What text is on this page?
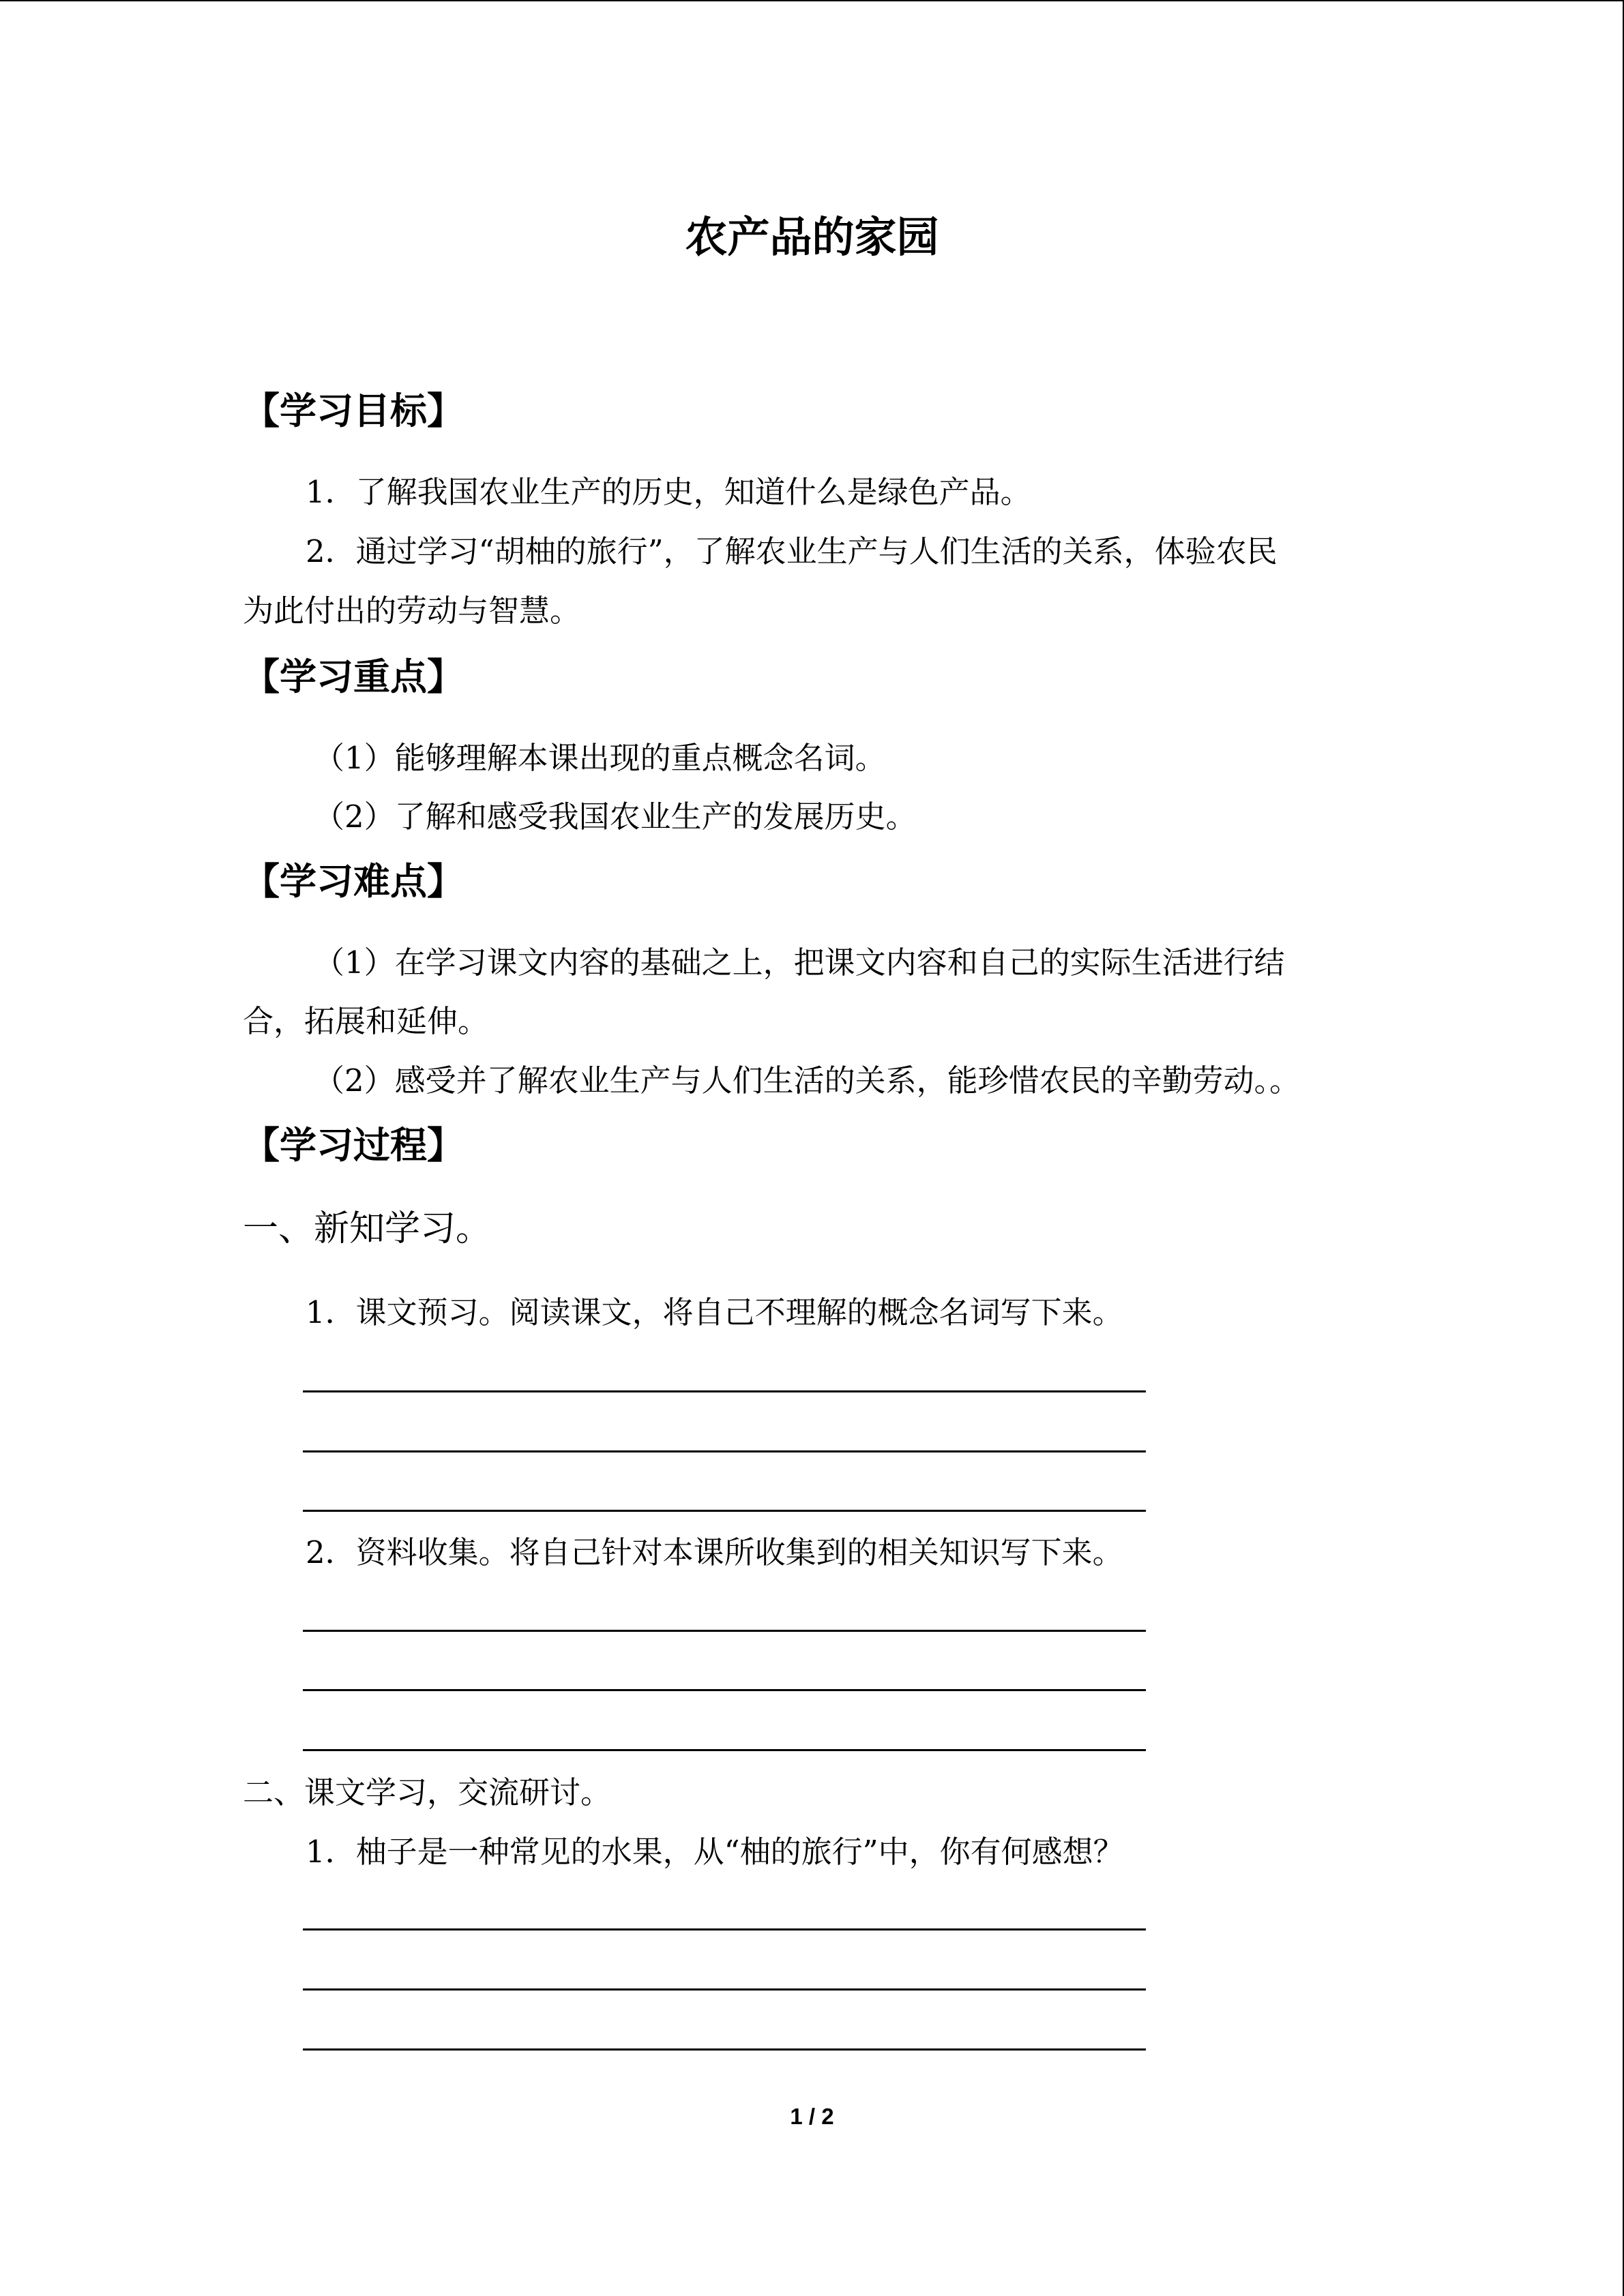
农产品的家园
【学习目标】

1．了解我国农业生产的历史，知道什么是绿色产品。

2．通过学习“胡柚的旅行”，了解农业生产与人们生活的关系，体验农民

为此付出的劳动与智慧。

【学习重点】

（1）能够理解本课出现的重点概念名词。

（2）了解和感受我国农业生产的发展历史。

【学习难点】

（1）在学习课文内容的基础之上，把课文内容和自己的实际生活进行结

合，拓展和延伸。

（2）感受并了解农业生产与人们生活的关系，能珍惜农民的辛勤劳动。。

【学习过程】

一、新知学习。

1．课文预习。阅读课文，将自己不理解的概念名词写下来。

2．资料收集。将自己针对本课所收集到的相关知识写下来。

二、课文学习，交流研讨。

1．柚子是一种常见的水果，从“柚的旅行”中，你有何感想？

1 / 2
